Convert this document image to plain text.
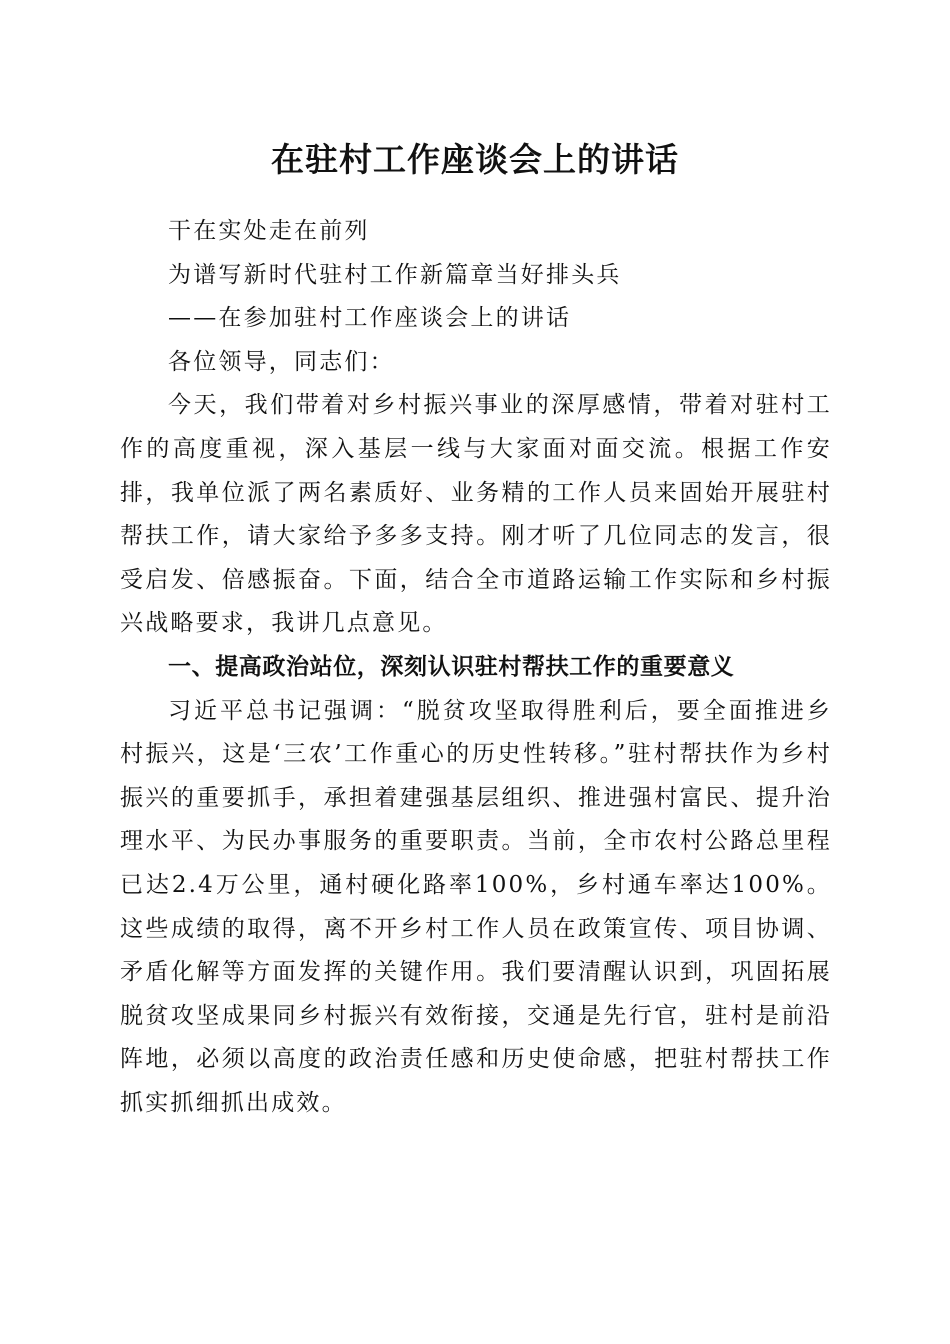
在驻村工作座谈会上的讲话

干在实处走在前列

为谱写新时代驻村工作新篇章当好排头兵

——在参加驻村工作座谈会上的讲话

各位领导，同志们：

今天，我们带着对乡村振兴事业的深厚感情，带着对驻村工作的高度重视，深入基层一线与大家面对面交流。根据工作安排，我单位派了两名素质好、业务精的工作人员来固始开展驻村帮扶工作，请大家给予多多支持。刚才听了几位同志的发言，很受启发、倍感振奋。下面，结合全市道路运输工作实际和乡村振兴战略要求，我讲几点意见。

一、提高政治站位，深刻认识驻村帮扶工作的重要意义

习近平总书记强调：“脱贫攻坚取得胜利后，要全面推进乡村振兴，这是‘三农’工作重心的历史性转移。”驻村帮扶作为乡村振兴的重要抓手，承担着建强基层组织、推进强村富民、提升治理水平、为民办事服务的重要职责。当前，全市农村公路总里程已达2.4万公里，通村硬化路率100%，乡村通车率达100%。这些成绩的取得，离不开乡村工作人员在政策宣传、项目协调、矛盾化解等方面发挥的关键作用。我们要清醒认识到，巩固拓展脱贫攻坚成果同乡村振兴有效衔接，交通是先行官，驻村是前沿阵地，必须以高度的政治责任感和历史使命感，把驻村帮扶工作抓实抓细抓出成效。
